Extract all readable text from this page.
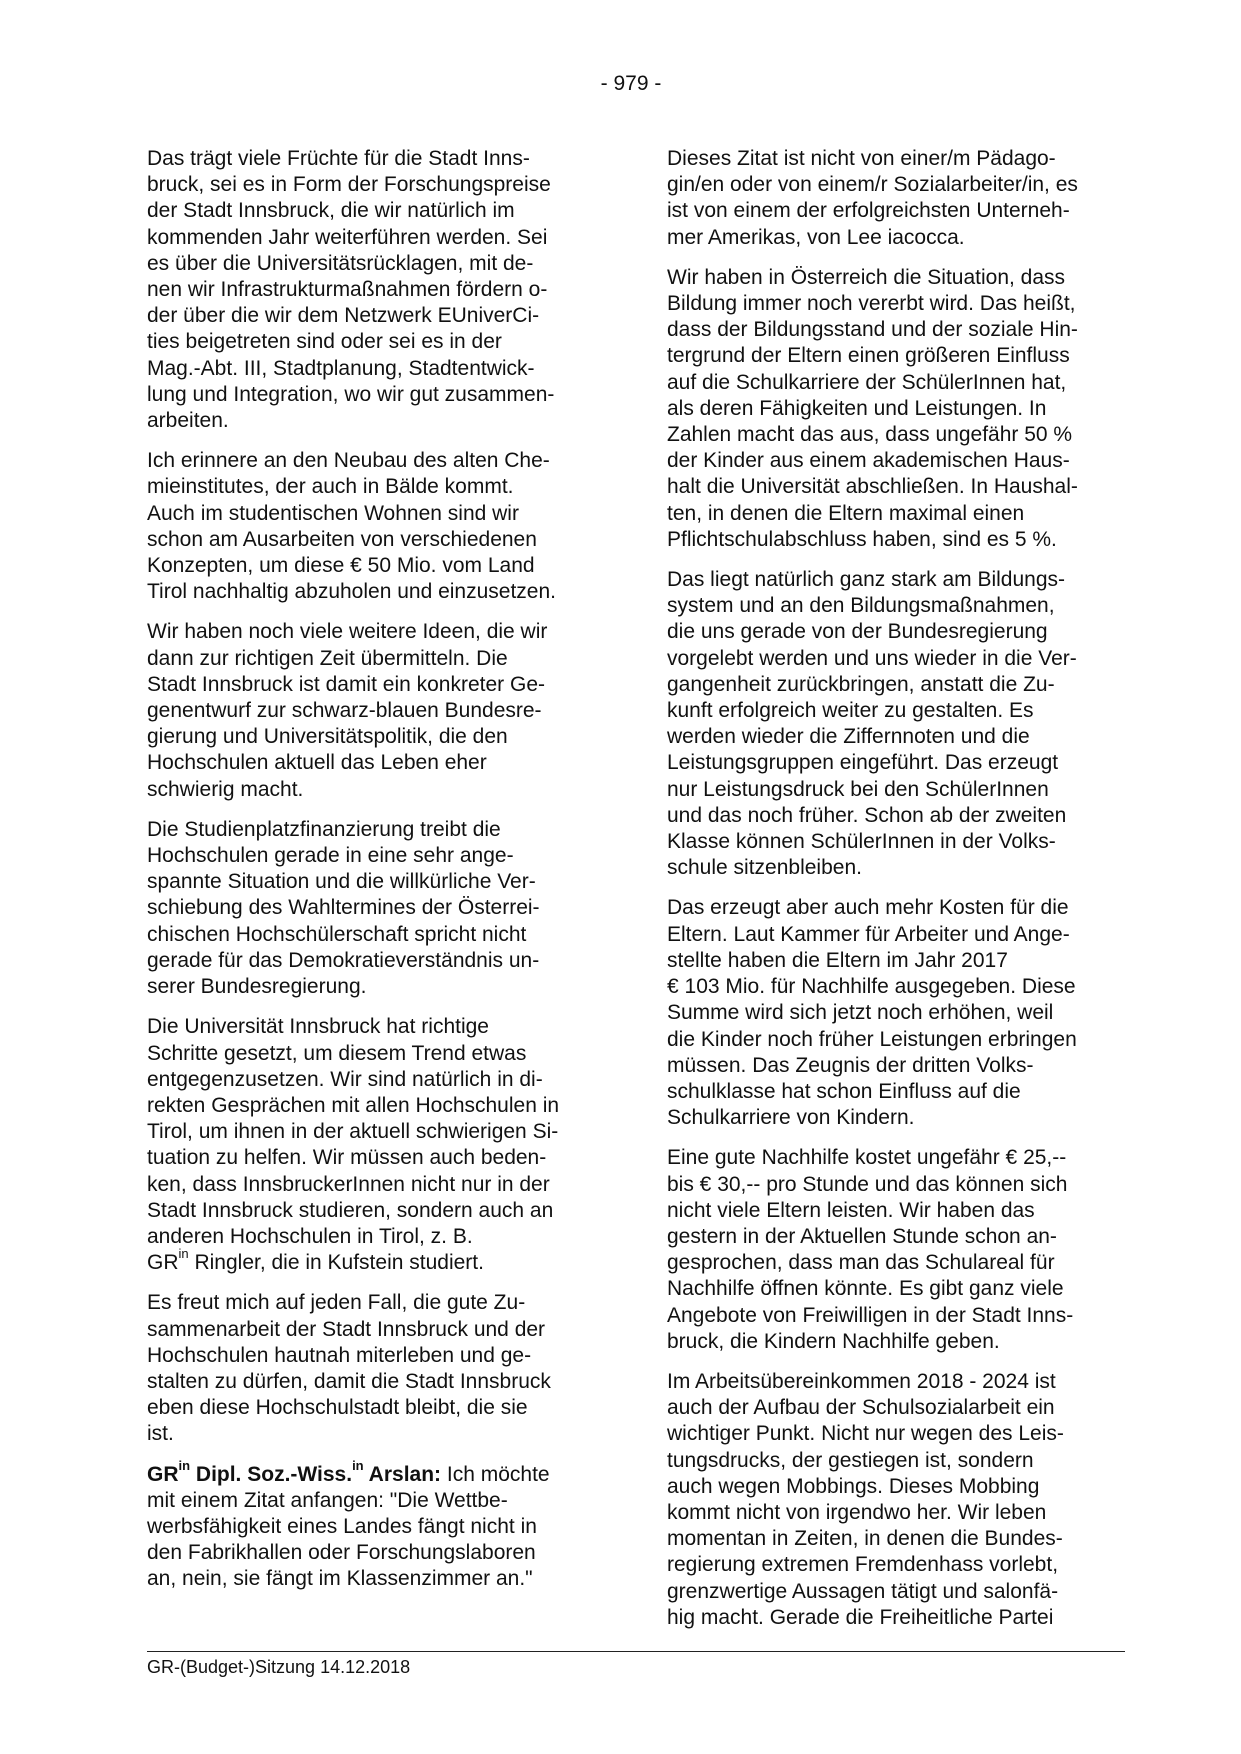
- 979 -
Das trägt viele Früchte für die Stadt Inns-
bruck, sei es in Form der Forschungspreise
der Stadt Innsbruck, die wir natürlich im
kommenden Jahr weiterführen werden. Sei
es über die Universitätsrücklagen, mit de-
nen wir Infrastrukturmaßnahmen fördern o-
der über die wir dem Netzwerk EUniverCi-
ties beigetreten sind oder sei es in der
Mag.-Abt. III, Stadtplanung, Stadtentwick-
lung und Integration, wo wir gut zusammen-
arbeiten.
Ich erinnere an den Neubau des alten Che-
mieinstitutes, der auch in Bälde kommt.
Auch im studentischen Wohnen sind wir
schon am Ausarbeiten von verschiedenen
Konzepten, um diese € 50 Mio. vom Land
Tirol nachhaltig abzuholen und einzusetzen.
Wir haben noch viele weitere Ideen, die wir
dann zur richtigen Zeit übermitteln. Die
Stadt Innsbruck ist damit ein konkreter Ge-
genentwurf zur schwarz-blauen Bundesre-
gierung und Universitätspolitik, die den
Hochschulen aktuell das Leben eher
schwierig macht.
Die Studienplatzfinanzierung treibt die
Hochschulen gerade in eine sehr ange-
spannte Situation und die willkürliche Ver-
schiebung des Wahltermines der Österrei-
chischen Hochschülerschaft spricht nicht
gerade für das Demokratieverständnis un-
serer Bundesregierung.
Die Universität Innsbruck hat richtige
Schritte gesetzt, um diesem Trend etwas
entgegenzusetzen. Wir sind natürlich in di-
rekten Gesprächen mit allen Hochschulen in
Tirol, um ihnen in der aktuell schwierigen Si-
tuation zu helfen. Wir müssen auch beden-
ken, dass InnsbruckerInnen nicht nur in der
Stadt Innsbruck studieren, sondern auch an
anderen Hochschulen in Tirol, z. B.
$GR^{in}$ Ringler, die in Kufstein studiert.
Es freut mich auf jeden Fall, die gute Zu-
sammenarbeit der Stadt Innsbruck und der
Hochschulen hautnah miterleben und ge-
stalten zu dürfen, damit die Stadt Innsbruck
eben diese Hochschulstadt bleibt, die sie
ist.
$GR^{in}$ Dipl. Soz.-Wiss.$^{in}$ Arslan: Ich möchte
mit einem Zitat anfangen: "Die Wettbe-
werbsfähigkeit eines Landes fängt nicht in
den Fabrikhallen oder Forschungslaboren
an, nein, sie fängt im Klassenzimmer an."
Dieses Zitat ist nicht von einer/m Pädago-
gin/en oder von einem/r Sozialarbeiter/in, es
ist von einem der erfolgreichsten Unterneh-
mer Amerikas, von Lee iacocca.
Wir haben in Österreich die Situation, dass
Bildung immer noch vererbt wird. Das heißt,
dass der Bildungsstand und der soziale Hin-
tergrund der Eltern einen größeren Einfluss
auf die Schulkarriere der SchülerInnen hat,
als deren Fähigkeiten und Leistungen. In
Zahlen macht das aus, dass ungefähr 50 %
der Kinder aus einem akademischen Haus-
halt die Universität abschließen. In Haushal-
ten, in denen die Eltern maximal einen
Pflichtschulabschluss haben, sind es 5 %.
Das liegt natürlich ganz stark am Bildungs-
system und an den Bildungsmaßnahmen,
die uns gerade von der Bundesregierung
vorgelebt werden und uns wieder in die Ver-
gangenheit zurückbringen, anstatt die Zu-
kunft erfolgreich weiter zu gestalten. Es
werden wieder die Ziffernnoten und die
Leistungsgruppen eingeführt. Das erzeugt
nur Leistungsdruck bei den SchülerInnen
und das noch früher. Schon ab der zweiten
Klasse können SchülerInnen in der Volks-
schule sitzenbleiben.
Das erzeugt aber auch mehr Kosten für die
Eltern. Laut Kammer für Arbeiter und Ange-
stellte haben die Eltern im Jahr 2017
€ 103 Mio. für Nachhilfe ausgegeben. Diese
Summe wird sich jetzt noch erhöhen, weil
die Kinder noch früher Leistungen erbringen
müssen. Das Zeugnis der dritten Volks-
schulklasse hat schon Einfluss auf die
Schulkarriere von Kindern.
Eine gute Nachhilfe kostet ungefähr € 25,--
bis € 30,-- pro Stunde und das können sich
nicht viele Eltern leisten. Wir haben das
gestern in der Aktuellen Stunde schon an-
gesprochen, dass man das Schulareal für
Nachhilfe öffnen könnte. Es gibt ganz viele
Angebote von Freiwilligen in der Stadt Inns-
bruck, die Kindern Nachhilfe geben.
Im Arbeitsübereinkommen 2018 - 2024 ist
auch der Aufbau der Schulsozialarbeit ein
wichtiger Punkt. Nicht nur wegen des Leis-
tungsdrucks, der gestiegen ist, sondern
auch wegen Mobbings. Dieses Mobbing
kommt nicht von irgendwo her. Wir leben
momentan in Zeiten, in denen die Bundes-
regierung extremen Fremdenhass vorlebt,
grenzwertige Aussagen tätigt und salonfä-
hig macht. Gerade die Freiheitliche Partei
GR-(Budget-)Sitzung 14.12.2018
